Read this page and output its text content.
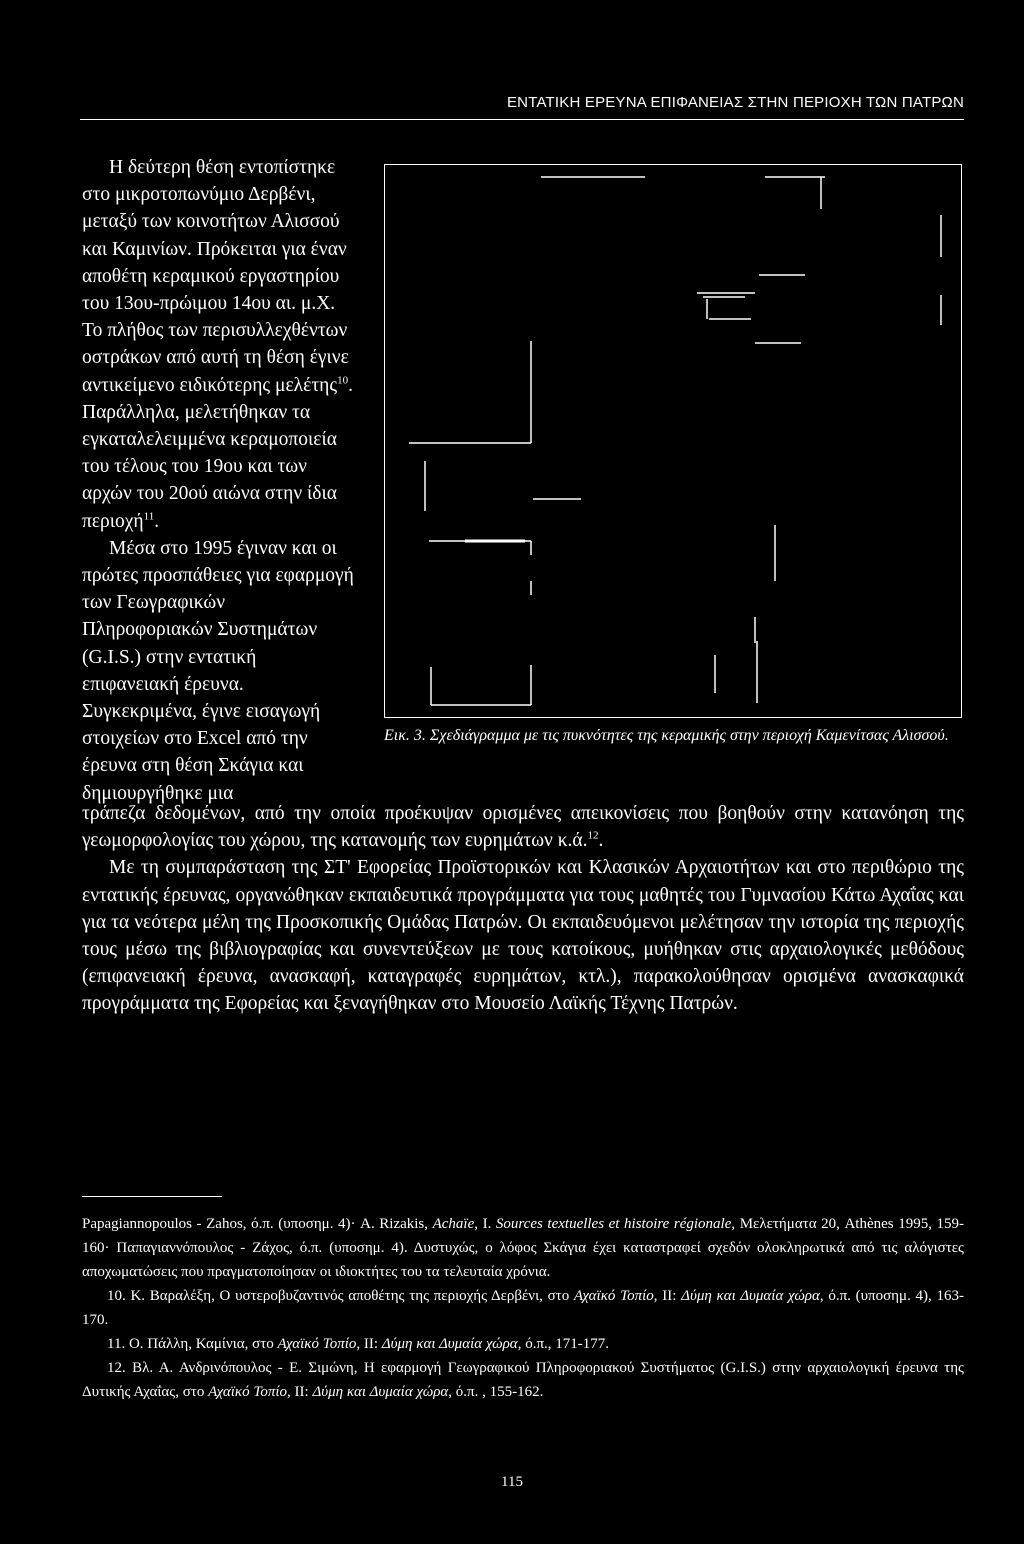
ΕΝΤΑΤΙΚΗ ΕΡΕΥΝΑ ΕΠΙΦΑΝΕΙΑΣ ΣΤΗΝ ΠΕΡΙΟΧΗ ΤΩΝ ΠΑΤΡΩΝ

Η δεύτερη θέση εντοπίστηκε στο μικροτοπωνύμιο Δερβένι, μεταξύ των κοινοτήτων Αλισσού και Καμινίων. Πρόκειται για έναν αποθέτη κεραμικού εργαστηρίου του 13ου-πρώιμου 14ου αι. μ.Χ. Το πλήθος των περισυλλεχθέντων οστράκων από αυτή τη θέση έγινε αντικείμενο ειδικότερης μελέτης$^{10}$. Παράλληλα, μελετήθηκαν τα εγκαταλελειμμένα κεραμοποιεία του τέλους του 19ου και των αρχών του 20ού αιώνα στην ίδια περιοχή$^{11}$.

Μέσα στο 1995 έγιναν και οι πρώτες προσπάθειες για εφαρμογή των Γεωγραφικών Πληροφοριακών Συστημάτων (G.I.S.) στην εντατική επιφανειακή έρευνα. Συγκεκριμένα, έγινε εισαγωγή στοιχείων στο Excel από την έρευνα στη θέση Σκάγια και δημιουργήθηκε μια

Εικ. 3. Σχεδιάγραμμα με τις πυκνότητες της κεραμικής στην περιοχή Καμενίτσας Αλισσού.

τράπεζα δεδομένων, από την οποία προέκυψαν ορισμένες απεικονίσεις που βοηθούν στην κατανόηση της γεωμορφολογίας του χώρου, της κατανομής των ευρημάτων κ.ά.$^{12}$.

Με τη συμπαράσταση της ΣΤ' Εφορείας Προϊστορικών και Κλασικών Αρχαιοτήτων και στο περιθώριο της εντατικής έρευνας, οργανώθηκαν εκπαιδευτικά προγράμματα για τους μαθητές του Γυμνασίου Κάτω Αχαΐας και για τα νεότερα μέλη της Προσκοπικής Ομάδας Πατρών. Οι εκπαιδευόμενοι μελέτησαν την ιστορία της περιοχής τους μέσω της βιβλιογραφίας και συνεντεύξεων με τους κατοίκους, μυήθηκαν στις αρχαιολογικές μεθόδους (επιφανειακή έρευνα, ανασκαφή, καταγραφές ευρημάτων, κτλ.), παρακολούθησαν ορισμένα ανασκαφικά προγράμματα της Εφορείας και ξεναγήθηκαν στο Μουσείο Λαϊκής Τέχνης Πατρών.

Papagiannopoulos - Zahos, ό.π. (υποσημ. 4)· A. Rizakis, Achaïe, I. Sources textuelles et histoire régionale, Μελετήματα 20, Athènes 1995, 159-160· Παπαγιαννόπουλος - Ζάχος, ό.π. (υποσημ. 4). Δυστυχώς, ο λόφος Σκάγια έχει καταστραφεί σχεδόν ολοκληρωτικά από τις αλόγιστες αποχωματώσεις που πραγματοποίησαν οι ιδιοκτήτες του τα τελευταία χρόνια.

10. Κ. Βαραλέξη, Ο υστεροβυζαντινός αποθέτης της περιοχής Δερβένι, στο Αχαϊκό Τοπίο, ΙΙ: Δύμη και Δυμαία χώρα, ό.π. (υποσημ. 4), 163-170.

11. Ο. Πάλλη, Καμίνια, στο Αχαϊκό Τοπίο, ΙΙ: Δύμη και Δυμαία χώρα, ό.π., 171-177.

12. Βλ. Α. Ανδρινόπουλος - Ε. Σιμώνη, Η εφαρμογή Γεωγραφικού Πληροφοριακού Συστήματος (G.I.S.) στην αρχαιολογική έρευνα της Δυτικής Αχαΐας, στο Αχαϊκό Τοπίο, ΙΙ: Δύμη και Δυμαία χώρα, ό.π. , 155-162.

115
